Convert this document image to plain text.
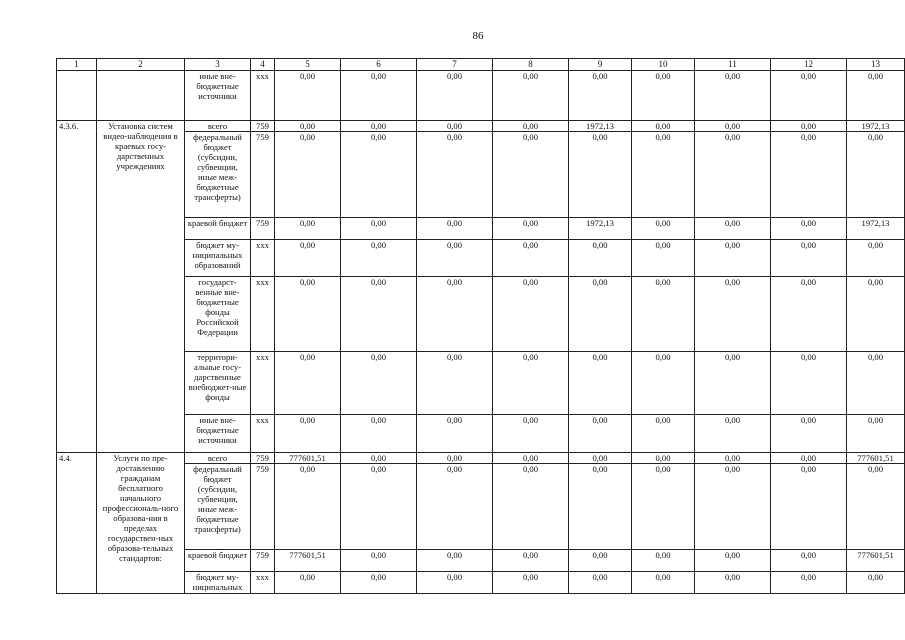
86
1	2	3	4	5	6	7	8	9	10	11	12	13
		иные вне-бюджетные источники	xxx	0,00	0,00	0,00	0,00	0,00	0,00	0,00	0,00	0,00
4.3.6.	Установка систем видео-наблюдения в краевых госу-дарственных учреждениях	всего	759	0,00	0,00	0,00	0,00	1972,13	0,00	0,00	0,00	1972,13
		федеральный бюджет (субсидии, субвенции, иные меж-бюджетные трансферты)	759	0,00	0,00	0,00	0,00	0,00	0,00	0,00	0,00	0,00
		краевой бюджет	759	0,00	0,00	0,00	0,00	1972,13	0,00	0,00	0,00	1972,13
		бюджет му-ниципальных образований	xxx	0,00	0,00	0,00	0,00	0,00	0,00	0,00	0,00	0,00
		государст-венные вне-бюджетные фонды Российской Федерации	xxx	0,00	0,00	0,00	0,00	0,00	0,00	0,00	0,00	0,00
		территори-альные госу-дарственные внебюджет-ные фонды	xxx	0,00	0,00	0,00	0,00	0,00	0,00	0,00	0,00	0,00
		иные вне-бюджетные источники	xxx	0,00	0,00	0,00	0,00	0,00	0,00	0,00	0,00	0,00
4.4.	Услуги по пре-доставлению гражданам бесплатного начального профессиональ-ного образова-ния в пределах государствен-ных образова-тельных стандартов:	всего	759	777601,51	0,00	0,00	0,00	0,00	0,00	0,00	0,00	777601,51
		федеральный бюджет (субсидии, субвенции, иные меж-бюджетные трансферты)	759	0,00	0,00	0,00	0,00	0,00	0,00	0,00	0,00	0,00
		краевой бюджет	759	777601,51	0,00	0,00	0,00	0,00	0,00	0,00	0,00	777601,51
		бюджет му-ниципальных	xxx	0,00	0,00	0,00	0,00	0,00	0,00	0,00	0,00	0,00
